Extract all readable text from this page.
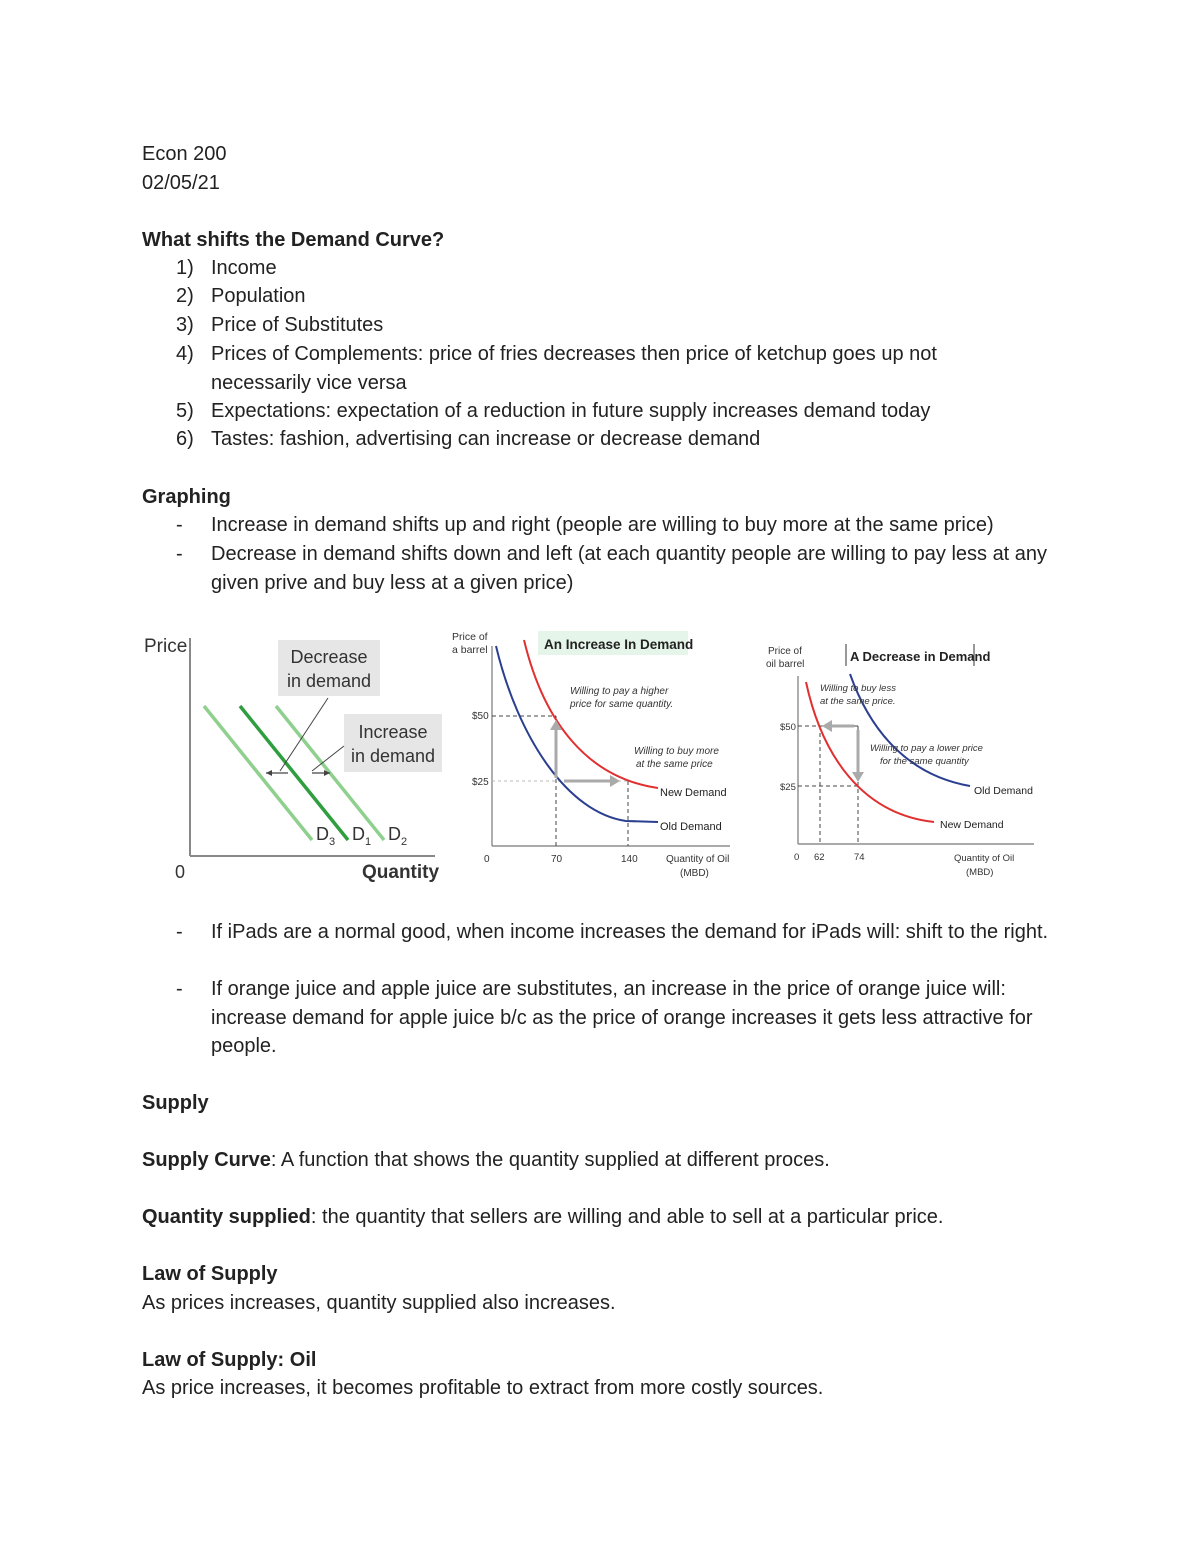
Econ 200
02/05/21
What shifts the Demand Curve?
1) Income
2) Population
3) Price of Substitutes
4) Prices of Complements: price of fries decreases then price of ketchup goes up not necessarily vice versa
5) Expectations: expectation of a reduction in future supply increases demand today
6) Tastes: fashion, advertising can increase or decrease demand
Graphing
- Increase in demand shifts up and right (people are willing to buy more at the same price)
- Decrease in demand shifts down and left (at each quantity people are willing to pay less at any given prive and buy less at a given price)
Price
0	Quantity
$D_3$ $D_1$ $D_2$
Decrease in demand
Increase in demand
An Increase In Demand
Price of a barrel
$50
$25
0	70	140
Willing to pay a higher price for same quantity.
Willing to buy more at the same price
New Demand
Old Demand
Quantity of Oil (MBD)
A Decrease in Demand
Price of oil barrel
$50
$25
0 62	74
Willing to buy less at the same price.
Willing to pay a lower price for the same quantity
Old Demand
New Demand
Quantity of Oil (MBD)
- If iPads are a normal good, when income increases the demand for iPads will: shift to the right.
- If orange juice and apple juice are substitutes, an increase in the price of orange juice will: increase demand for apple juice b/c as the price of orange increases it gets less attractive for people.
Supply
Supply Curve: A function that shows the quantity supplied at different proces.
Quantity supplied: the quantity that sellers are willing and able to sell at a particular price.
Law of Supply
As prices increases, quantity supplied also increases.
Law of Supply: Oil
As price increases, it becomes profitable to extract from more costly sources.
